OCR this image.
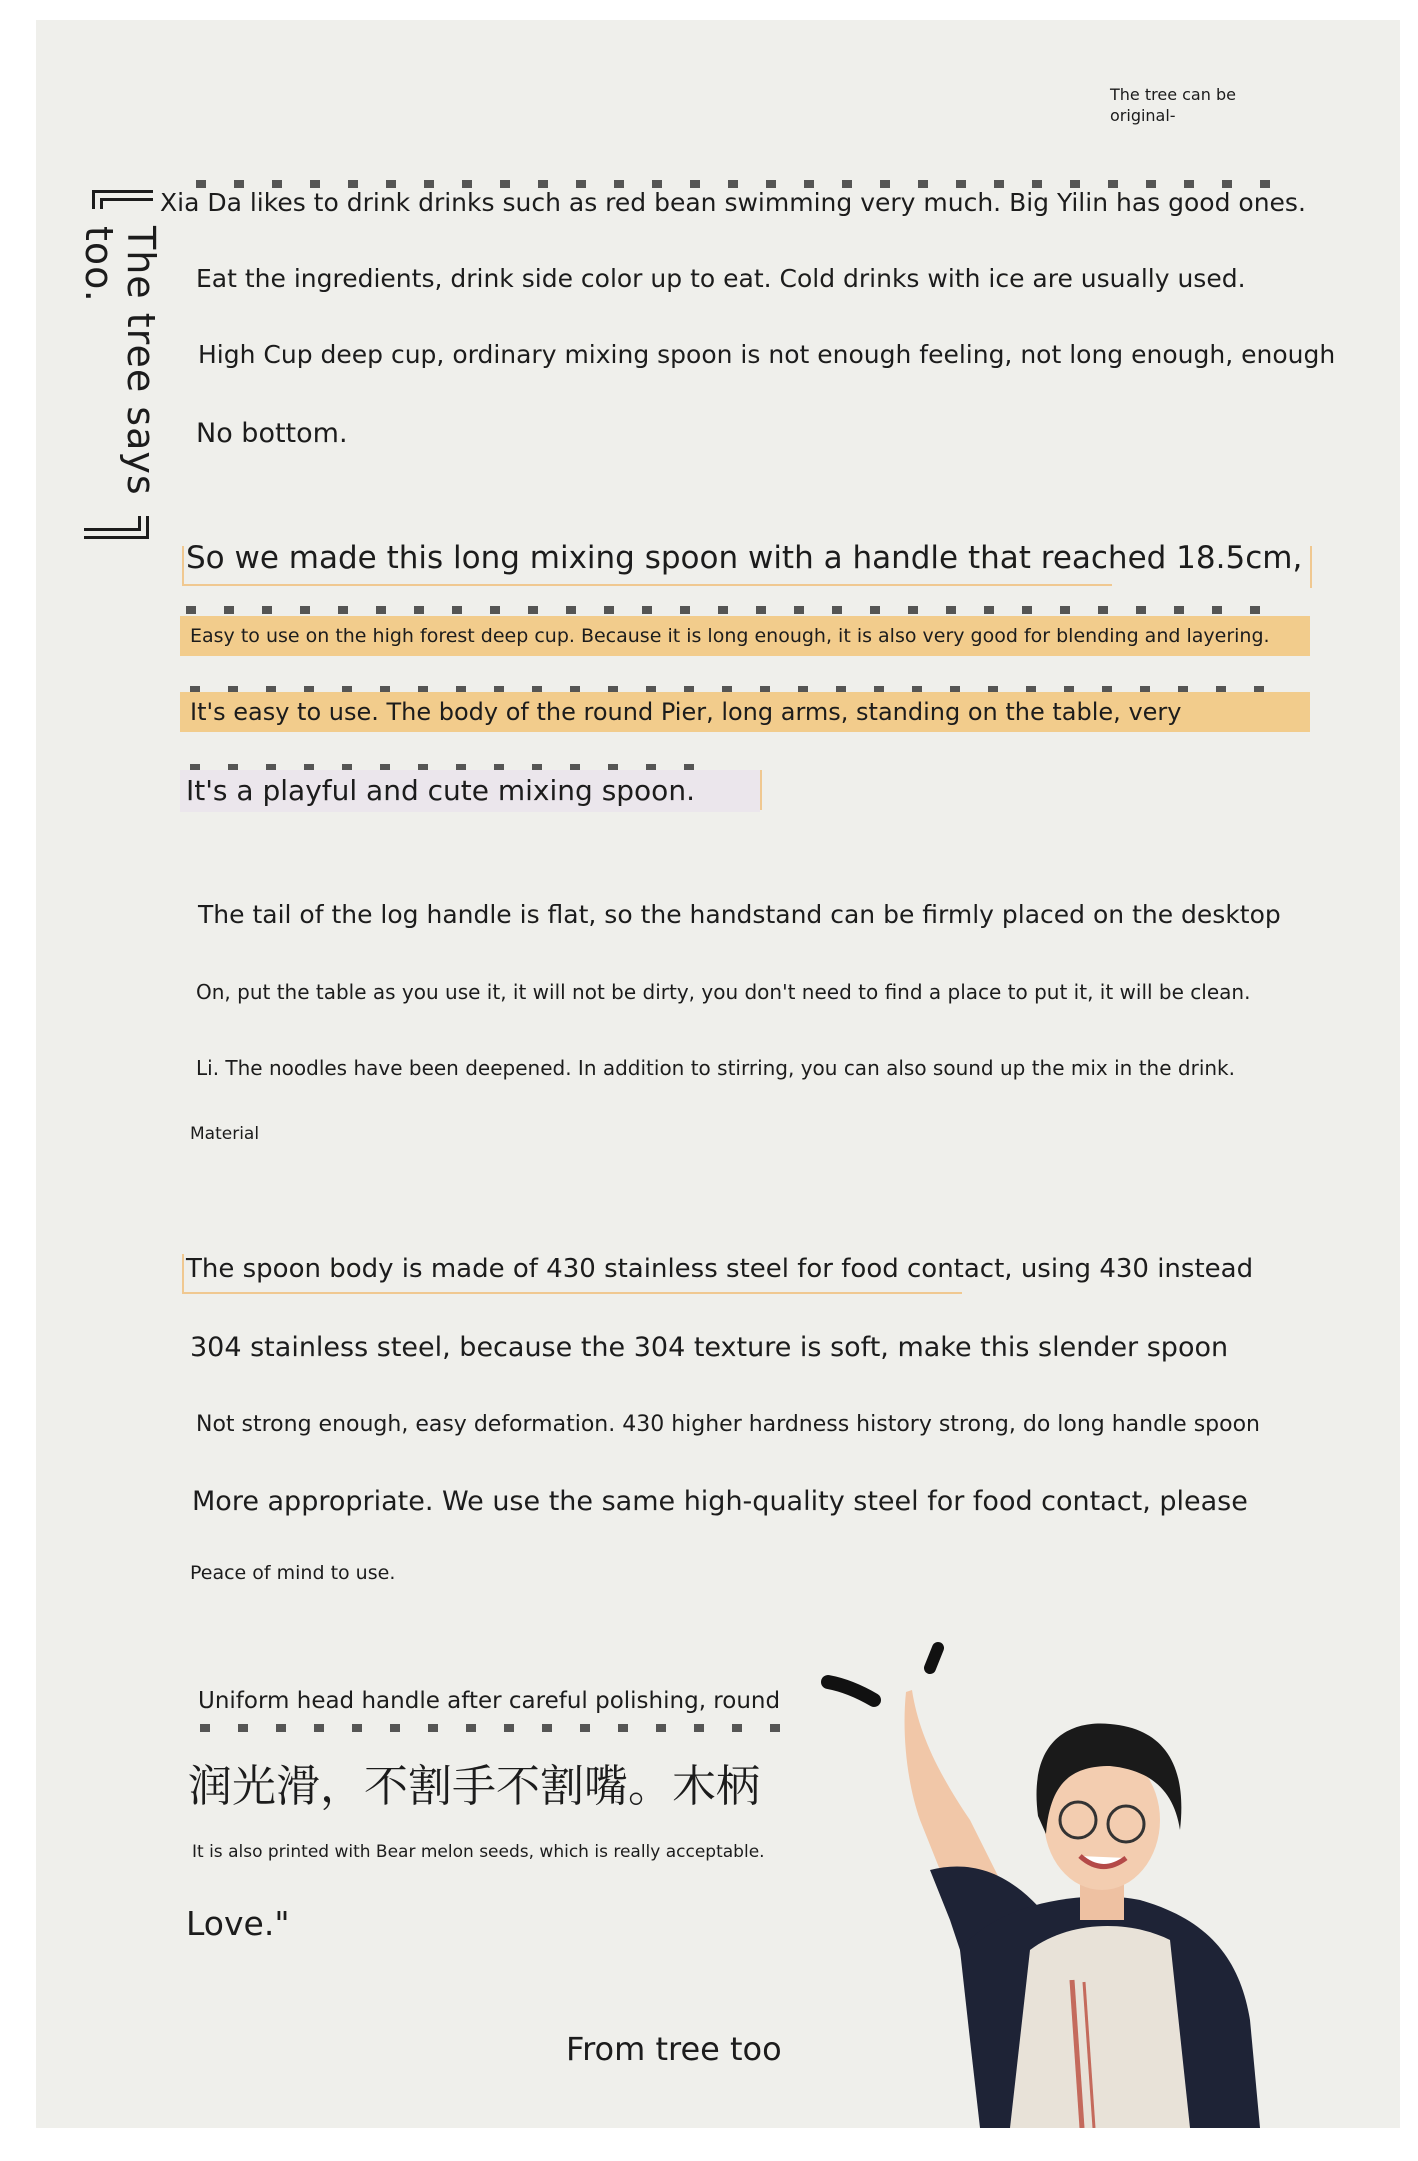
The tree can be original-
The tree says
too.
Xia Da likes to drink drinks such as red bean swimming very much. Big Yilin has good ones.
Eat the ingredients, drink side color up to eat. Cold drinks with ice are usually used.
High Cup deep cup, ordinary mixing spoon is not enough feeling, not long enough, enough
No bottom.
So we made this long mixing spoon with a handle that reached 18.5cm,
Easy to use on the high forest deep cup. Because it is long enough, it is also very good for blending and layering.
It's easy to use. The body of the round Pier, long arms, standing on the table, very
It's a playful and cute mixing spoon.
The tail of the log handle is flat, so the handstand can be firmly placed on the desktop
On, put the table as you use it, it will not be dirty, you don't need to find a place to put it, it will be clean.
Li. The noodles have been deepened. In addition to stirring, you can also sound up the mix in the drink.
Material
The spoon body is made of 430 stainless steel for food contact, using 430 instead
304 stainless steel, because the 304 texture is soft, make this slender spoon
Not strong enough, easy deformation. 430 higher hardness history strong, do long handle spoon
More appropriate. We use the same high-quality steel for food contact, please
Peace of mind to use.
Uniform head handle after careful polishing, round
润光滑，不割手不割嘴。木柄
It is also printed with Bear melon seeds, which is really acceptable.
Love."
From tree too
